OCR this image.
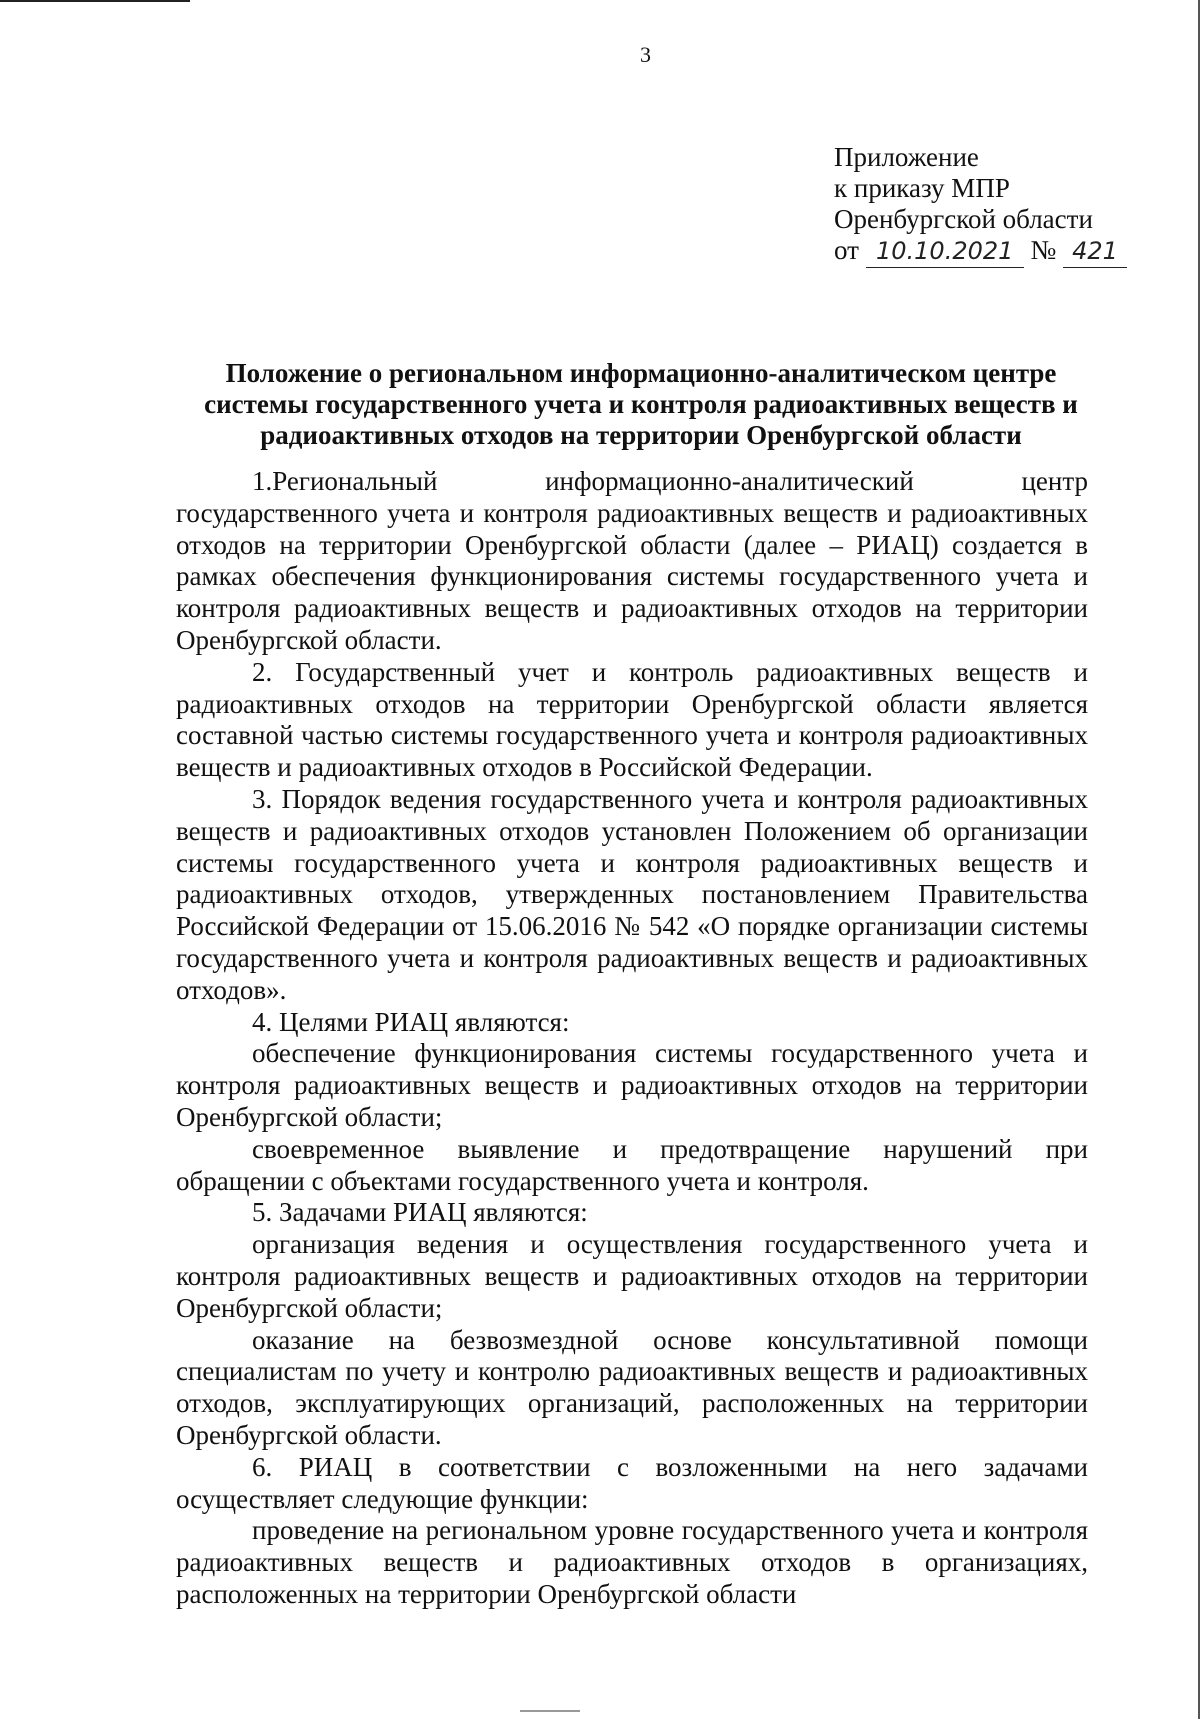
3
Приложение
к приказу МПР
Оренбургской области
от 10.10.2021 № 421
Положение о региональном информационно-аналитическом центре системы государственного учета и контроля радиоактивных веществ и радиоактивных отходов на территории Оренбургской области

1.Региональный информационно-аналитический центр государственного учета и контроля радиоактивных веществ и радиоактивных отходов на территории Оренбургской области (далее – РИАЦ) создается в рамках обеспечения функционирования системы государственного учета и контроля радиоактивных веществ и радиоактивных отходов на территории Оренбургской области.

2. Государственный учет и контроль радиоактивных веществ и радиоактивных отходов на территории Оренбургской области является составной частью системы государственного учета и контроля радиоактивных веществ и радиоактивных отходов в Российской Федерации.

3. Порядок ведения государственного учета и контроля радиоактивных веществ и радиоактивных отходов установлен Положением об организации системы государственного учета и контроля радиоактивных веществ и радиоактивных отходов, утвержденных постановлением Правительства Российской Федерации от 15.06.2016 № 542 «О порядке организации системы государственного учета и контроля радиоактивных веществ и радиоактивных отходов».

4. Целями РИАЦ являются:

обеспечение функционирования системы государственного учета и контроля радиоактивных веществ и радиоактивных отходов на территории Оренбургской области;

своевременное выявление и предотвращение нарушений при обращении с объектами государственного учета и контроля.

5. Задачами РИАЦ являются:

организация ведения и осуществления государственного учета и контроля радиоактивных веществ и радиоактивных отходов на территории Оренбургской области;

оказание на безвозмездной основе консультативной помощи специалистам по учету и контролю радиоактивных веществ и радиоактивных отходов, эксплуатирующих организаций, расположенных на территории Оренбургской области.

6. РИАЦ в соответствии с возложенными на него задачами осуществляет следующие функции:

проведение на региональном уровне государственного учета и контроля радиоактивных веществ и радиоактивных отходов в организациях, расположенных на территории Оренбургской области
